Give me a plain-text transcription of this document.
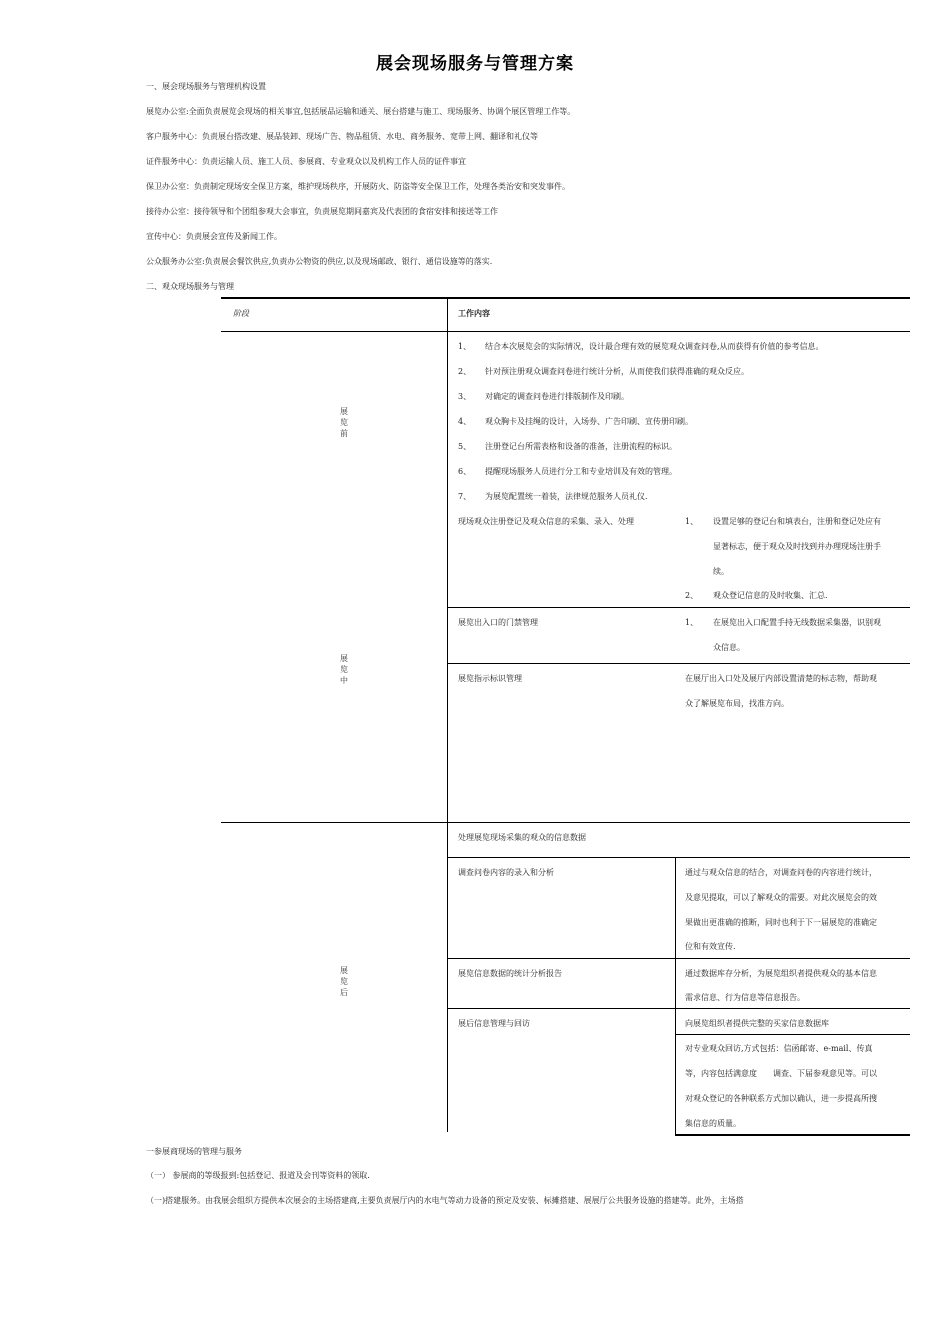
展会现场服务与管理方案
一、展会现场服务与管理机构设置
展览办公室:全面负责展览会现场的相关事宜,包括展品运输和通关、展台搭建与施工、现场服务、协调个展区管理工作等。
客户服务中心：负责展台搭改建、展品装卸、现场广告、物品租赁、水电、商务服务、宽带上网、翻译和礼仪等
证件服务中心：负责运输人员、施工人员、参展商、专业观众以及机构工作人员的证件事宜
保卫办公室：负责制定现场安全保卫方案，维护现场秩序，开展防火、防盗等安全保卫工作，处理各类治安和突发事件。
接待办公室：接待领导和个团组参观大会事宜，负责展览期间嘉宾及代表团的食宿安排和接送等工作
宣传中心：负责展会宣传及新闻工作。
公众服务办公室:负责展会餐饮供应,负责办公物资的供应,以及现场邮政、银行、通信设施等的落实.
二、观众现场服务与管理
阶段	工作内容
展览前
1、 结合本次展览会的实际情况，设计最合理有效的展览观众调查问卷,从而获得有价值的参考信息。
2、 针对预注册观众调查问卷进行统计分析，从而使我们获得准确的观众反应。
3、 对确定的调查问卷进行排版制作及印刷。
4、 观众胸卡及挂绳的设计，入场券、广告印刷、宣传册印刷。
5、 注册登记台所需表格和设备的准备，注册流程的标识。
6、 提醒现场服务人员进行分工和专业培训及有效的管理。
7、 为展览配置统一着装，法律规范服务人员礼仪.
现场观众注册登记及观众信息的采集、录入、处理	1、 设置足够的登记台和填表台，注册和登记处应有
显著标志，便于观众及时找到并办理现场注册手
续。
2、 观众登记信息的及时收集、汇总.
展览中
展览出入口的门禁管理	1、 在展览出入口配置手持无线数据采集器，识别观
众信息。
展览指示标识管理	在展厅出入口处及展厅内部设置清楚的标志物，帮助观
众了解展览布局，找准方向。
展览后
处理展览现场采集的观众的信息数据
调查问卷内容的录入和分析	通过与观众信息的结合，对调查问卷的内容进行统计，
及意见提取，可以了解观众的需要。对此次展览会的效
果做出更准确的推断，同时也利于下一届展览的准确定
位和有效宣传.
展览信息数据的统计分析报告	通过数据库存分析，为展览组织者提供观众的基本信息
需求信息、行为信息等信息报告。
展后信息管理与回访	向展览组织者提供完整的买家信息数据库
对专业观众回访,方式包括：信函邮寄、e-mail、传真
等，内容包括满意度　　调查、下届参观意见等。可以
对观众登记的各种联系方式加以确认，进一步提高所搜
集信息的质量。
一参展商现场的管理与服务
（一） 参展商的等级报到:包括登记、报道及会刊等资料的领取.
（一)搭建服务。由我展会组织方提供本次展会的主场搭建商,主要负责展厅内的水电气等动力设备的预定及安装、标摊搭建、展展厅公共服务设施的搭建等。此外，主场搭
